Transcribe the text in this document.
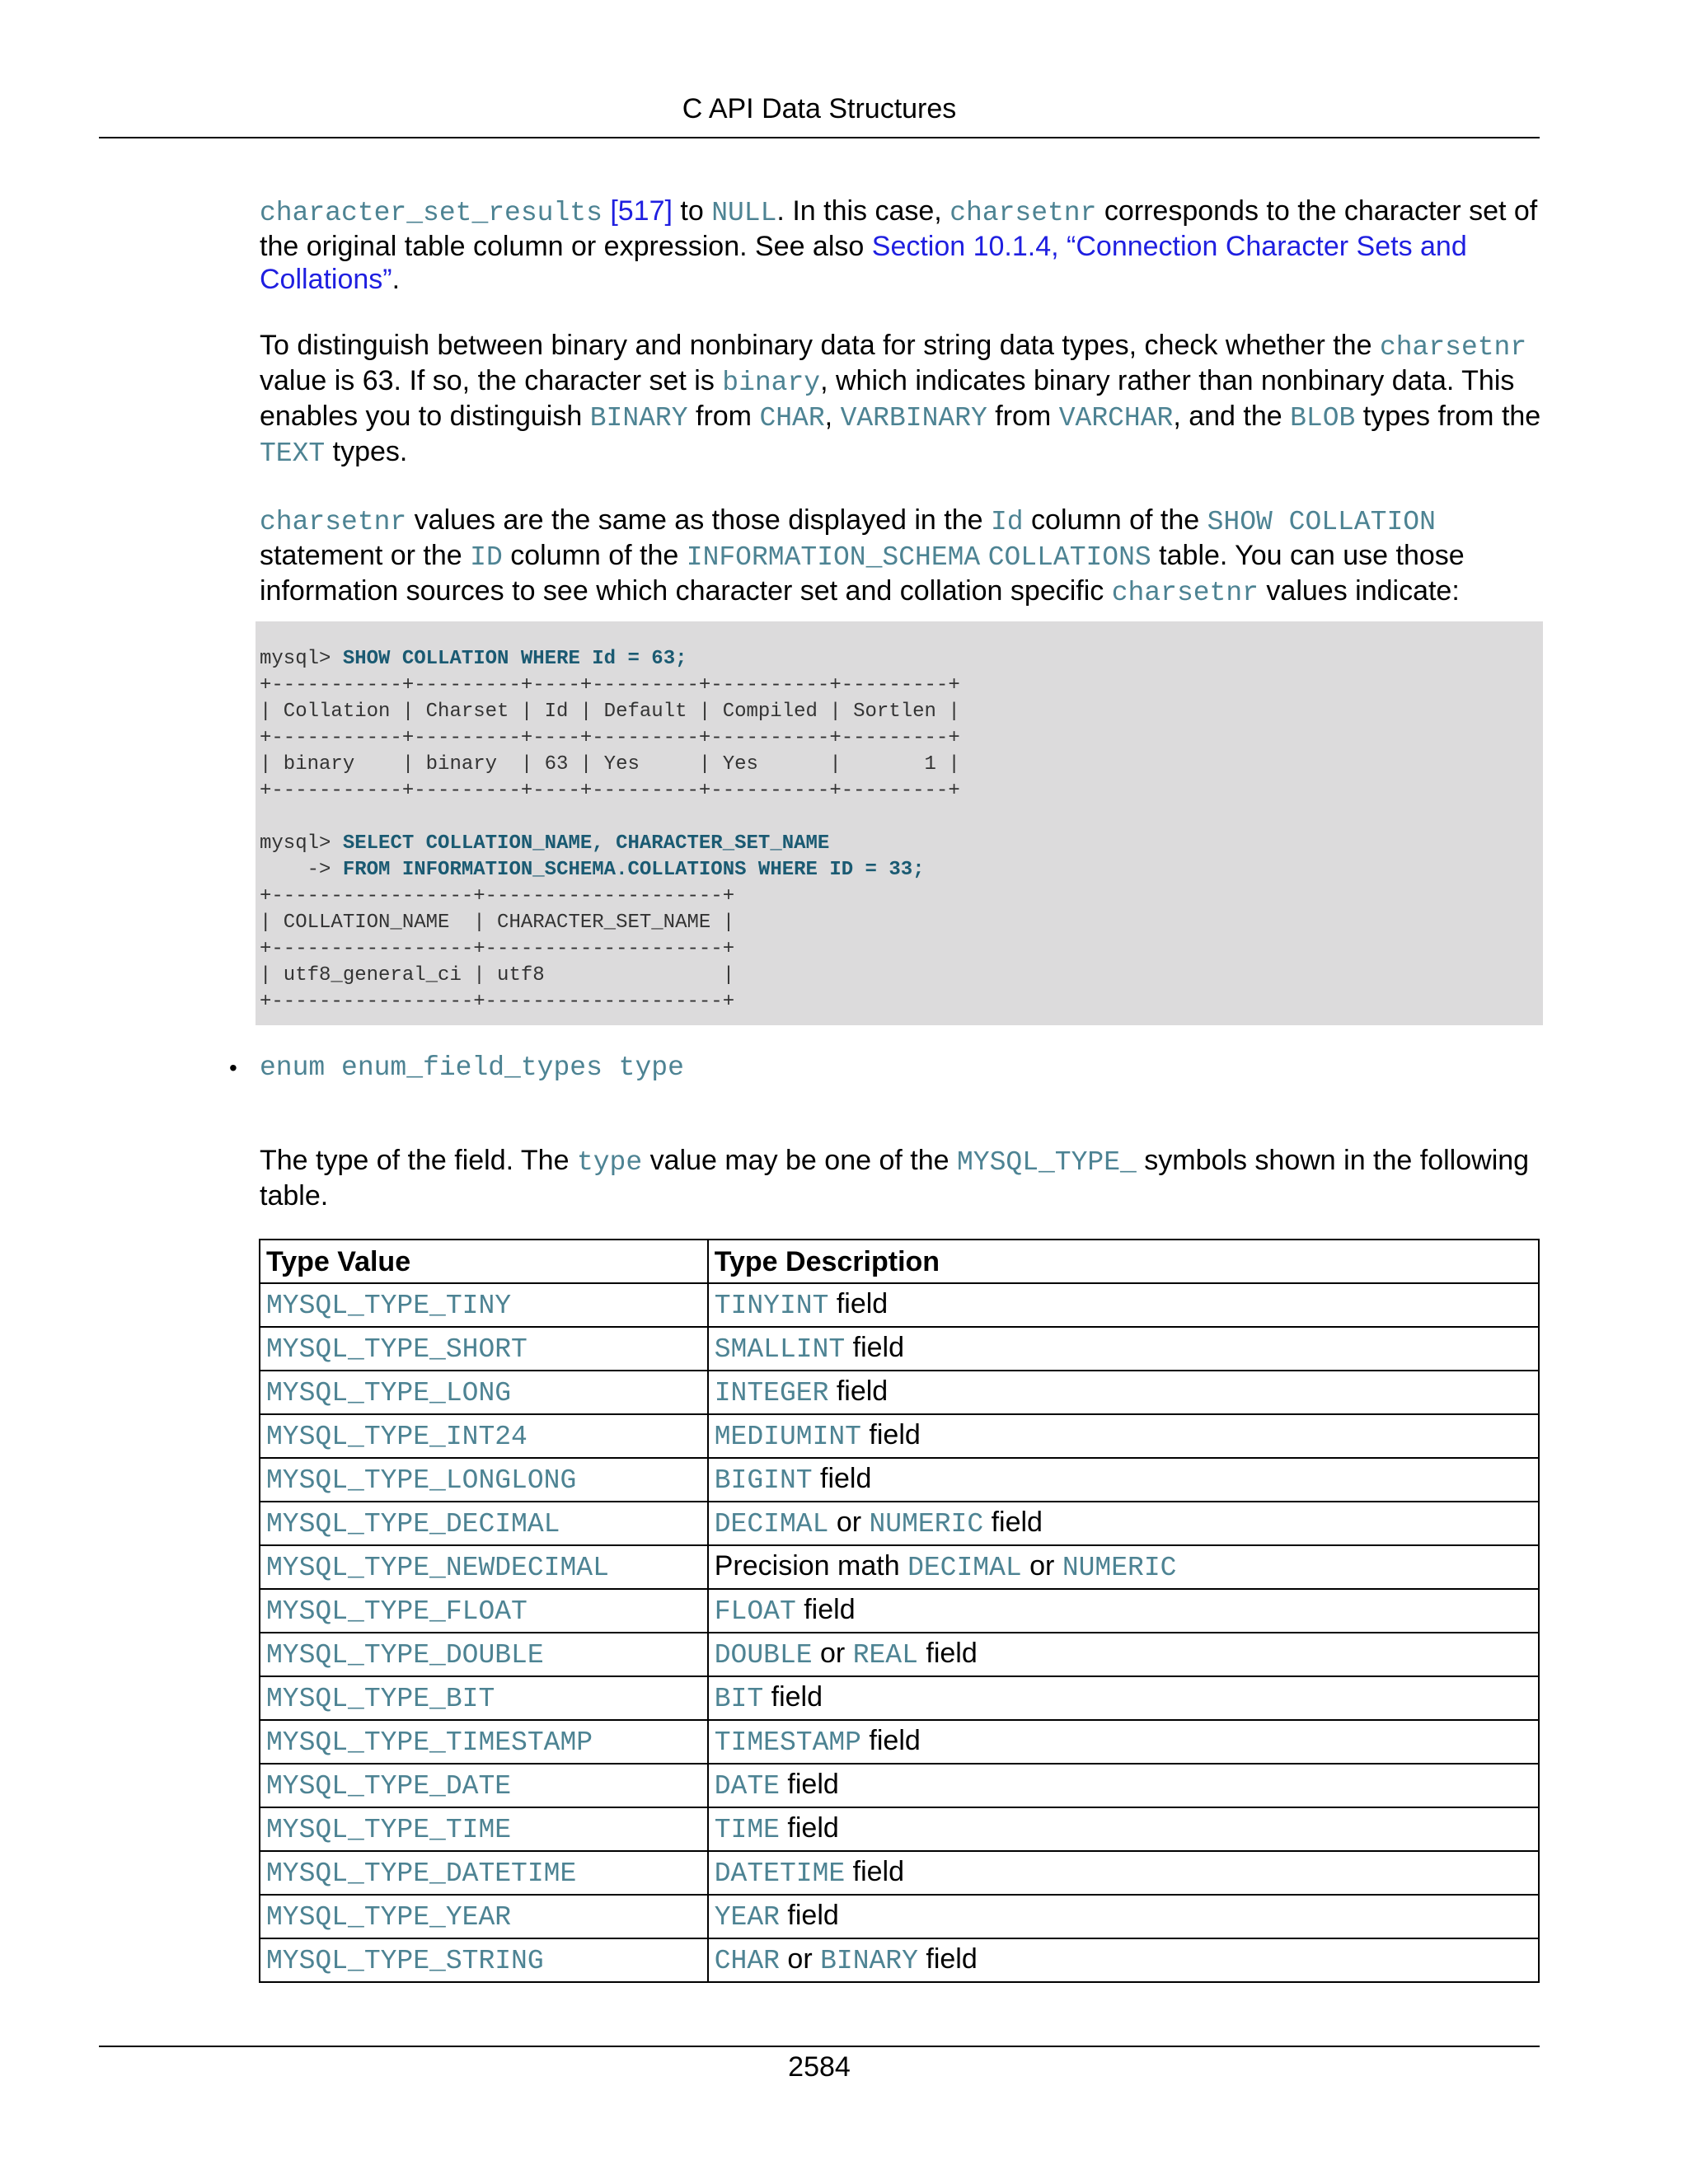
C API Data Structures

character_set_results [517] to NULL. In this case, charsetnr corresponds to the character set of the original table column or expression. See also Section 10.1.4, “Connection Character Sets and Collations”.

To distinguish between binary and nonbinary data for string data types, check whether the charsetnr value is 63. If so, the character set is binary, which indicates binary rather than nonbinary data. This enables you to distinguish BINARY from CHAR, VARBINARY from VARCHAR, and the BLOB types from the TEXT types.

charsetnr values are the same as those displayed in the Id column of the SHOW COLLATION statement or the ID column of the INFORMATION_SCHEMA COLLATIONS table. You can use those information sources to see which character set and collation specific charsetnr values indicate:

mysql> SHOW COLLATION WHERE Id = 63;
+-----------+---------+----+---------+----------+---------+
| Collation | Charset | Id | Default | Compiled | Sortlen |
+-----------+---------+----+---------+----------+---------+
| binary    | binary  | 63 | Yes     | Yes      |       1 |
+-----------+---------+----+---------+----------+---------+

mysql> SELECT COLLATION_NAME, CHARACTER_SET_NAME
-> FROM INFORMATION_SCHEMA.COLLATIONS WHERE ID = 33;
+-----------------+--------------------+
| COLLATION_NAME  | CHARACTER_SET_NAME |
+-----------------+--------------------+
| utf8_general_ci | utf8               |
+-----------------+--------------------+
• enum enum_field_types type

The type of the field. The type value may be one of the MYSQL_TYPE_ symbols shown in the following table.

Type Value	Type Description
MYSQL_TYPE_TINY	TINYINT field
MYSQL_TYPE_SHORT	SMALLINT field
MYSQL_TYPE_LONG	INTEGER field
MYSQL_TYPE_INT24	MEDIUMINT field
MYSQL_TYPE_LONGLONG	BIGINT field
MYSQL_TYPE_DECIMAL	DECIMAL or NUMERIC field
MYSQL_TYPE_NEWDECIMAL	Precision math DECIMAL or NUMERIC
MYSQL_TYPE_FLOAT	FLOAT field
MYSQL_TYPE_DOUBLE	DOUBLE or REAL field
MYSQL_TYPE_BIT	BIT field
MYSQL_TYPE_TIMESTAMP	TIMESTAMP field
MYSQL_TYPE_DATE	DATE field
MYSQL_TYPE_TIME	TIME field
MYSQL_TYPE_DATETIME	DATETIME field
MYSQL_TYPE_YEAR	YEAR field
MYSQL_TYPE_STRING	CHAR or BINARY field
2584
